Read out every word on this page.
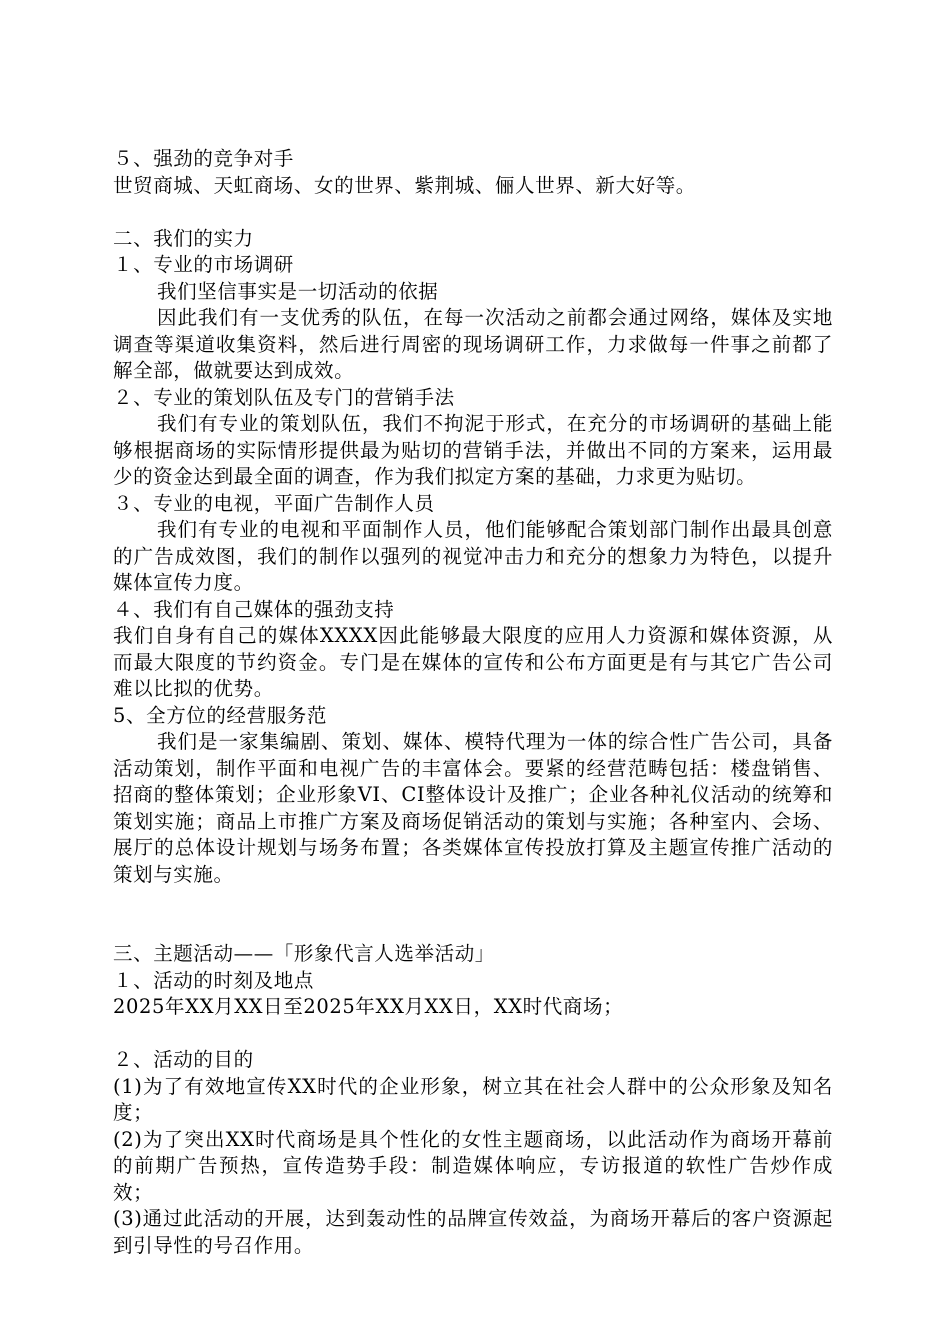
５、强劲的竞争对手

世贸商城、天虹商场、女的世界、紫荆城、俪人世界、新大好等。

二、我们的实力

１、专业的市场调研

我们坚信事实是一切活动的依据

因此我们有一支优秀的队伍，在每一次活动之前都会通过网络，媒体及实地调查等渠道收集资料，然后进行周密的现场调研工作，力求做每一件事之前都了解全部，做就要达到成效。

２、专业的策划队伍及专门的营销手法

我们有专业的策划队伍，我们不拘泥于形式，在充分的市场调研的基础上能够根据商场的实际情形提供最为贴切的营销手法，并做出不同的方案来，运用最少的资金达到最全面的调查，作为我们拟定方案的基础，力求更为贴切。

３、专业的电视，平面广告制作人员

我们有专业的电视和平面制作人员，他们能够配合策划部门制作出最具创意的广告成效图，我们的制作以强列的视觉冲击力和充分的想象力为特色，以提升媒体宣传力度。

４、我们有自己媒体的强劲支持

我们自身有自己的媒体XXXX因此能够最大限度的应用人力资源和媒体资源，从而最大限度的节约资金。专门是在媒体的宣传和公布方面更是有与其它广告公司难以比拟的优势。

5、全方位的经营服务范

我们是一家集编剧、策划、媒体、模特代理为一体的综合性广告公司，具备活动策划，制作平面和电视广告的丰富体会。要紧的经营范畴包括：楼盘销售、招商的整体策划；企业形象VI、CI整体设计及推广；企业各种礼仪活动的统筹和策划实施；商品上市推广方案及商场促销活动的策划与实施；各种室内、会场、展厅的总体设计规划与场务布置；各类媒体宣传投放打算及主题宣传推广活动的策划与实施。

三、主题活动——「形象代言人选举活动」

１、活动的时刻及地点

2025年XX月XX日至2025年XX月XX日，XX时代商场；

２、活动的目的

(1)为了有效地宣传XX时代的企业形象，树立其在社会人群中的公众形象及知名度；

(2)为了突出XX时代商场是具个性化的女性主题商场，以此活动作为商场开幕前的前期广告预热，宣传造势手段：制造媒体响应，专访报道的软性广告炒作成效；

(3)通过此活动的开展，达到轰动性的品牌宣传效益，为商场开幕后的客户资源起到引导性的号召作用。
